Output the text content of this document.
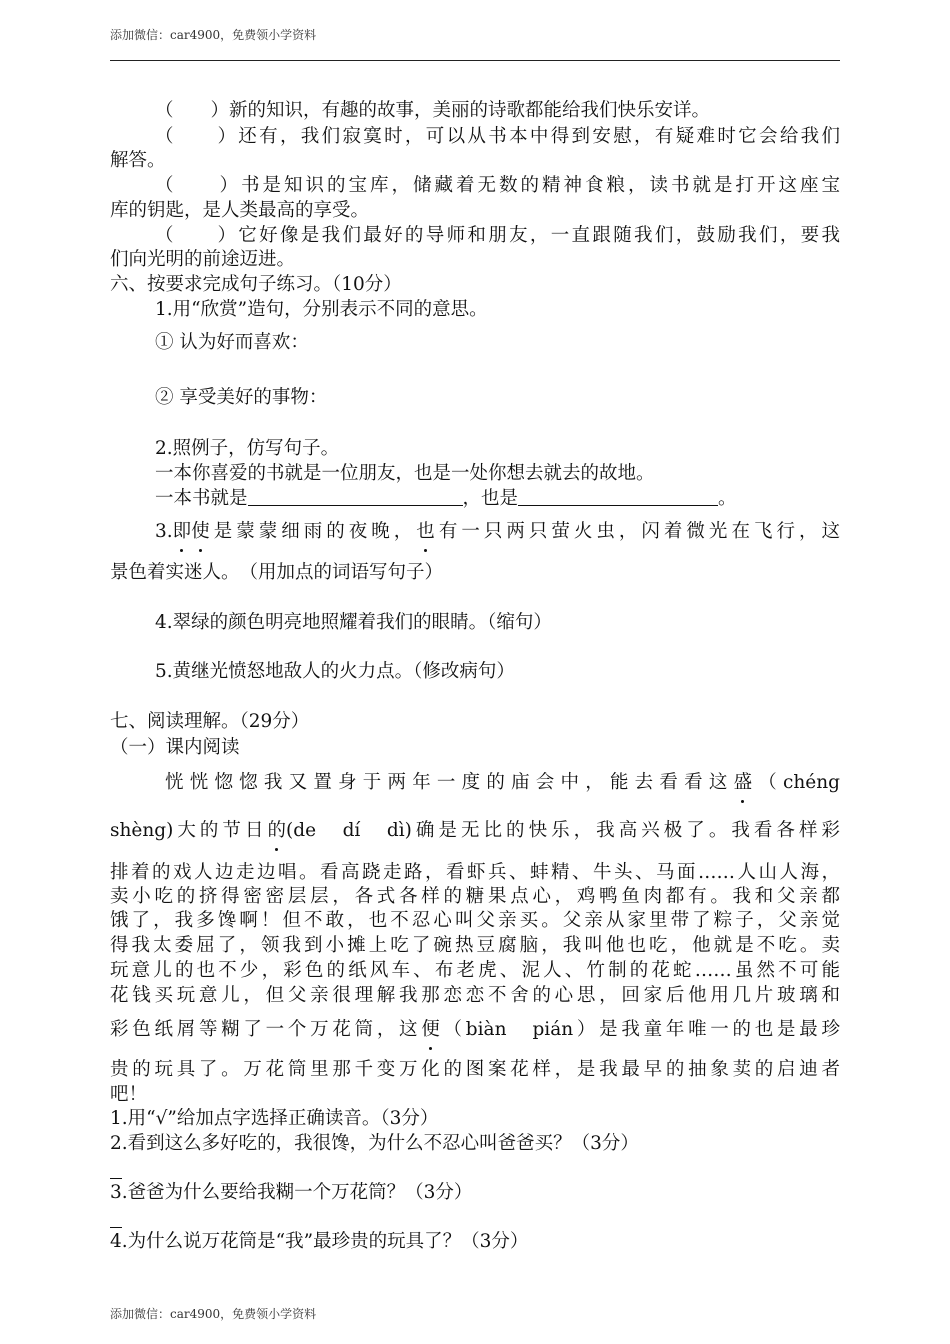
添加微信：car4900，免费领小学资料
（　　）新的知识，有趣的故事，美丽的诗歌都能给我们快乐安详。
（　　）还有，我们寂寞时，可以从书本中得到安慰，有疑难时它会给我们
解答。
（　　）书是知识的宝库，储藏着无数的精神食粮，读书就是打开这座宝
库的钥匙，是人类最高的享受。
（　　）它好像是我们最好的导师和朋友，一直跟随我们，鼓励我们，要我
们向光明的前途迈进。
六、按要求完成句子练习。（10分）
1.用“欣赏”造句，分别表示不同的意思。
① 认为好而喜欢：
② 享受美好的事物：
2.照例子，仿写句子。
一本你喜爱的书就是一位朋友，也是一处你想去就去的故地。
一本书就是	，也是	。
3.即使是蒙蒙细雨的夜晚，也有一只两只萤火虫，闪着微光在飞行，这
景色着实迷人。　（用加点的词语写句子）
4.翠绿的颜色明亮地照耀着我们的眼睛。（缩句）
5.黄继光愤怒地敌人的火力点。（修改病句）
七、阅读理解。（29分）
（一）课内阅读
恍恍惚惚我又置身于两年一度的庙会中，能去看看这盛（chéng
shèng)大的节日的(de　dí　dì)确是无比的快乐，我高兴极了。我看各样彩
排着的戏人边走边唱。看高跷走路，看虾兵、蚌精、牛头、马面……人山人海，
卖小吃的挤得密密层层，各式各样的糖果点心，鸡鸭鱼肉都有。我和父亲都
饿了，我多馋啊！但不敢，也不忍心叫父亲买。父亲从家里带了粽子，父亲觉
得我太委屈了，领我到小摊上吃了碗热豆腐脑，我叫他也吃，他就是不吃。卖
玩意儿的也不少，彩色的纸风车、布老虎、泥人、竹制的花蛇……虽然不可能
花钱买玩意儿，但父亲很理解我那恋恋不舍的心思，回家后他用几片玻璃和
彩色纸屑等糊了一个万花筒，这便（biàn　pián）是我童年唯一的也是最珍
贵的玩具了。万花筒里那千变万化的图案花样，是我最早的抽象荬的启迪者
吧！
1.用“√”给加点字选择正确读音。（3分）
2.看到这么多好吃的，我很馋，为什么不忍心叫爸爸买？（3分）
3.爸爸为什么要给我糊一个万花筒？（3分）
4.为什么说万花筒是“我”最珍贵的玩具了？（3分）
添加微信：car4900，免费领小学资料
